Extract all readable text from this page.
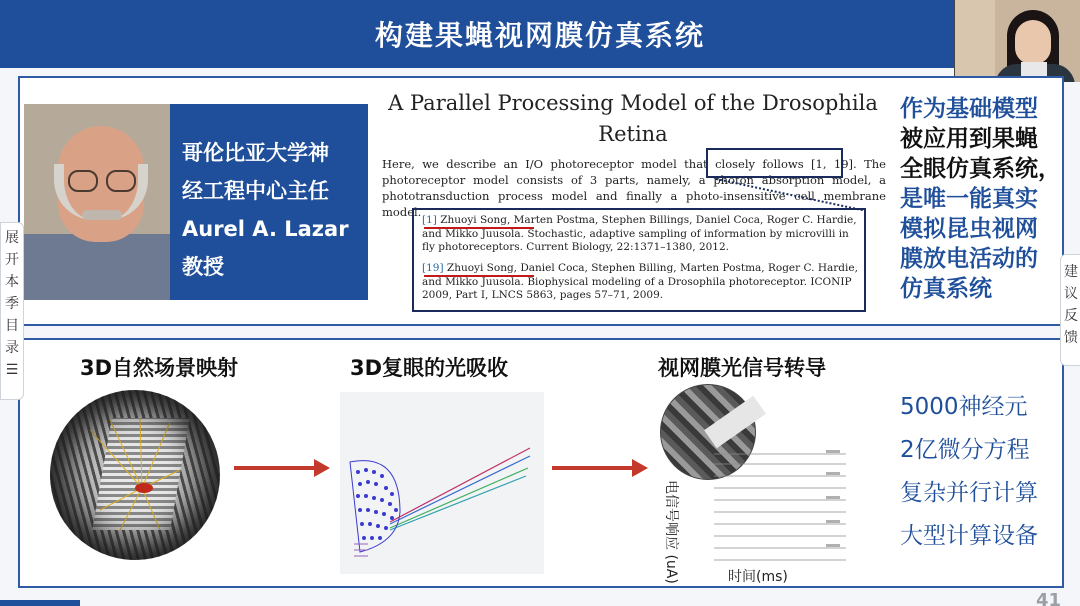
构建果蝇视网膜仿真系统
哥伦比亚大学神
经工程中心主任
Aurel A. Lazar
教授
A Parallel Processing Model of the Drosophila
Retina
Here, we describe an I/O photoreceptor model that closely follows [1, 19]. The photoreceptor model consists of 3 parts, namely, a photon absorption model, a phototransduction process model and finally a photo-insensitive cell membrane model.
[1] Zhuoyi Song, Marten Postma, Stephen Billings, Daniel Coca, Roger C. Hardie, and Mikko Juusola. Stochastic, adaptive sampling of information by microvilli in fly photoreceptors. Current Biology, 22:1371–1380, 2012.
[19] Zhuoyi Song, Daniel Coca, Stephen Billing, Marten Postma, Roger C. Hardie, and Mikko Juusola. Biophysical modeling of a Drosophila photoreceptor. ICONIP 2009, Part I, LNCS 5863, pages 57–71, 2009.
作为基础模型
被应用到果蝇
全眼仿真系统，
是唯一能真实
模拟昆虫视网
膜放电活动的
仿真系统
3D自然场景映射	3D复眼的光吸收	视网膜光信号转导
电信号响应 (uA)	时间(ms)
5000神经元
2亿微分方程
复杂并行计算
大型计算设备
展
开
本
季
目
录
☰
建
议
反
馈
41
